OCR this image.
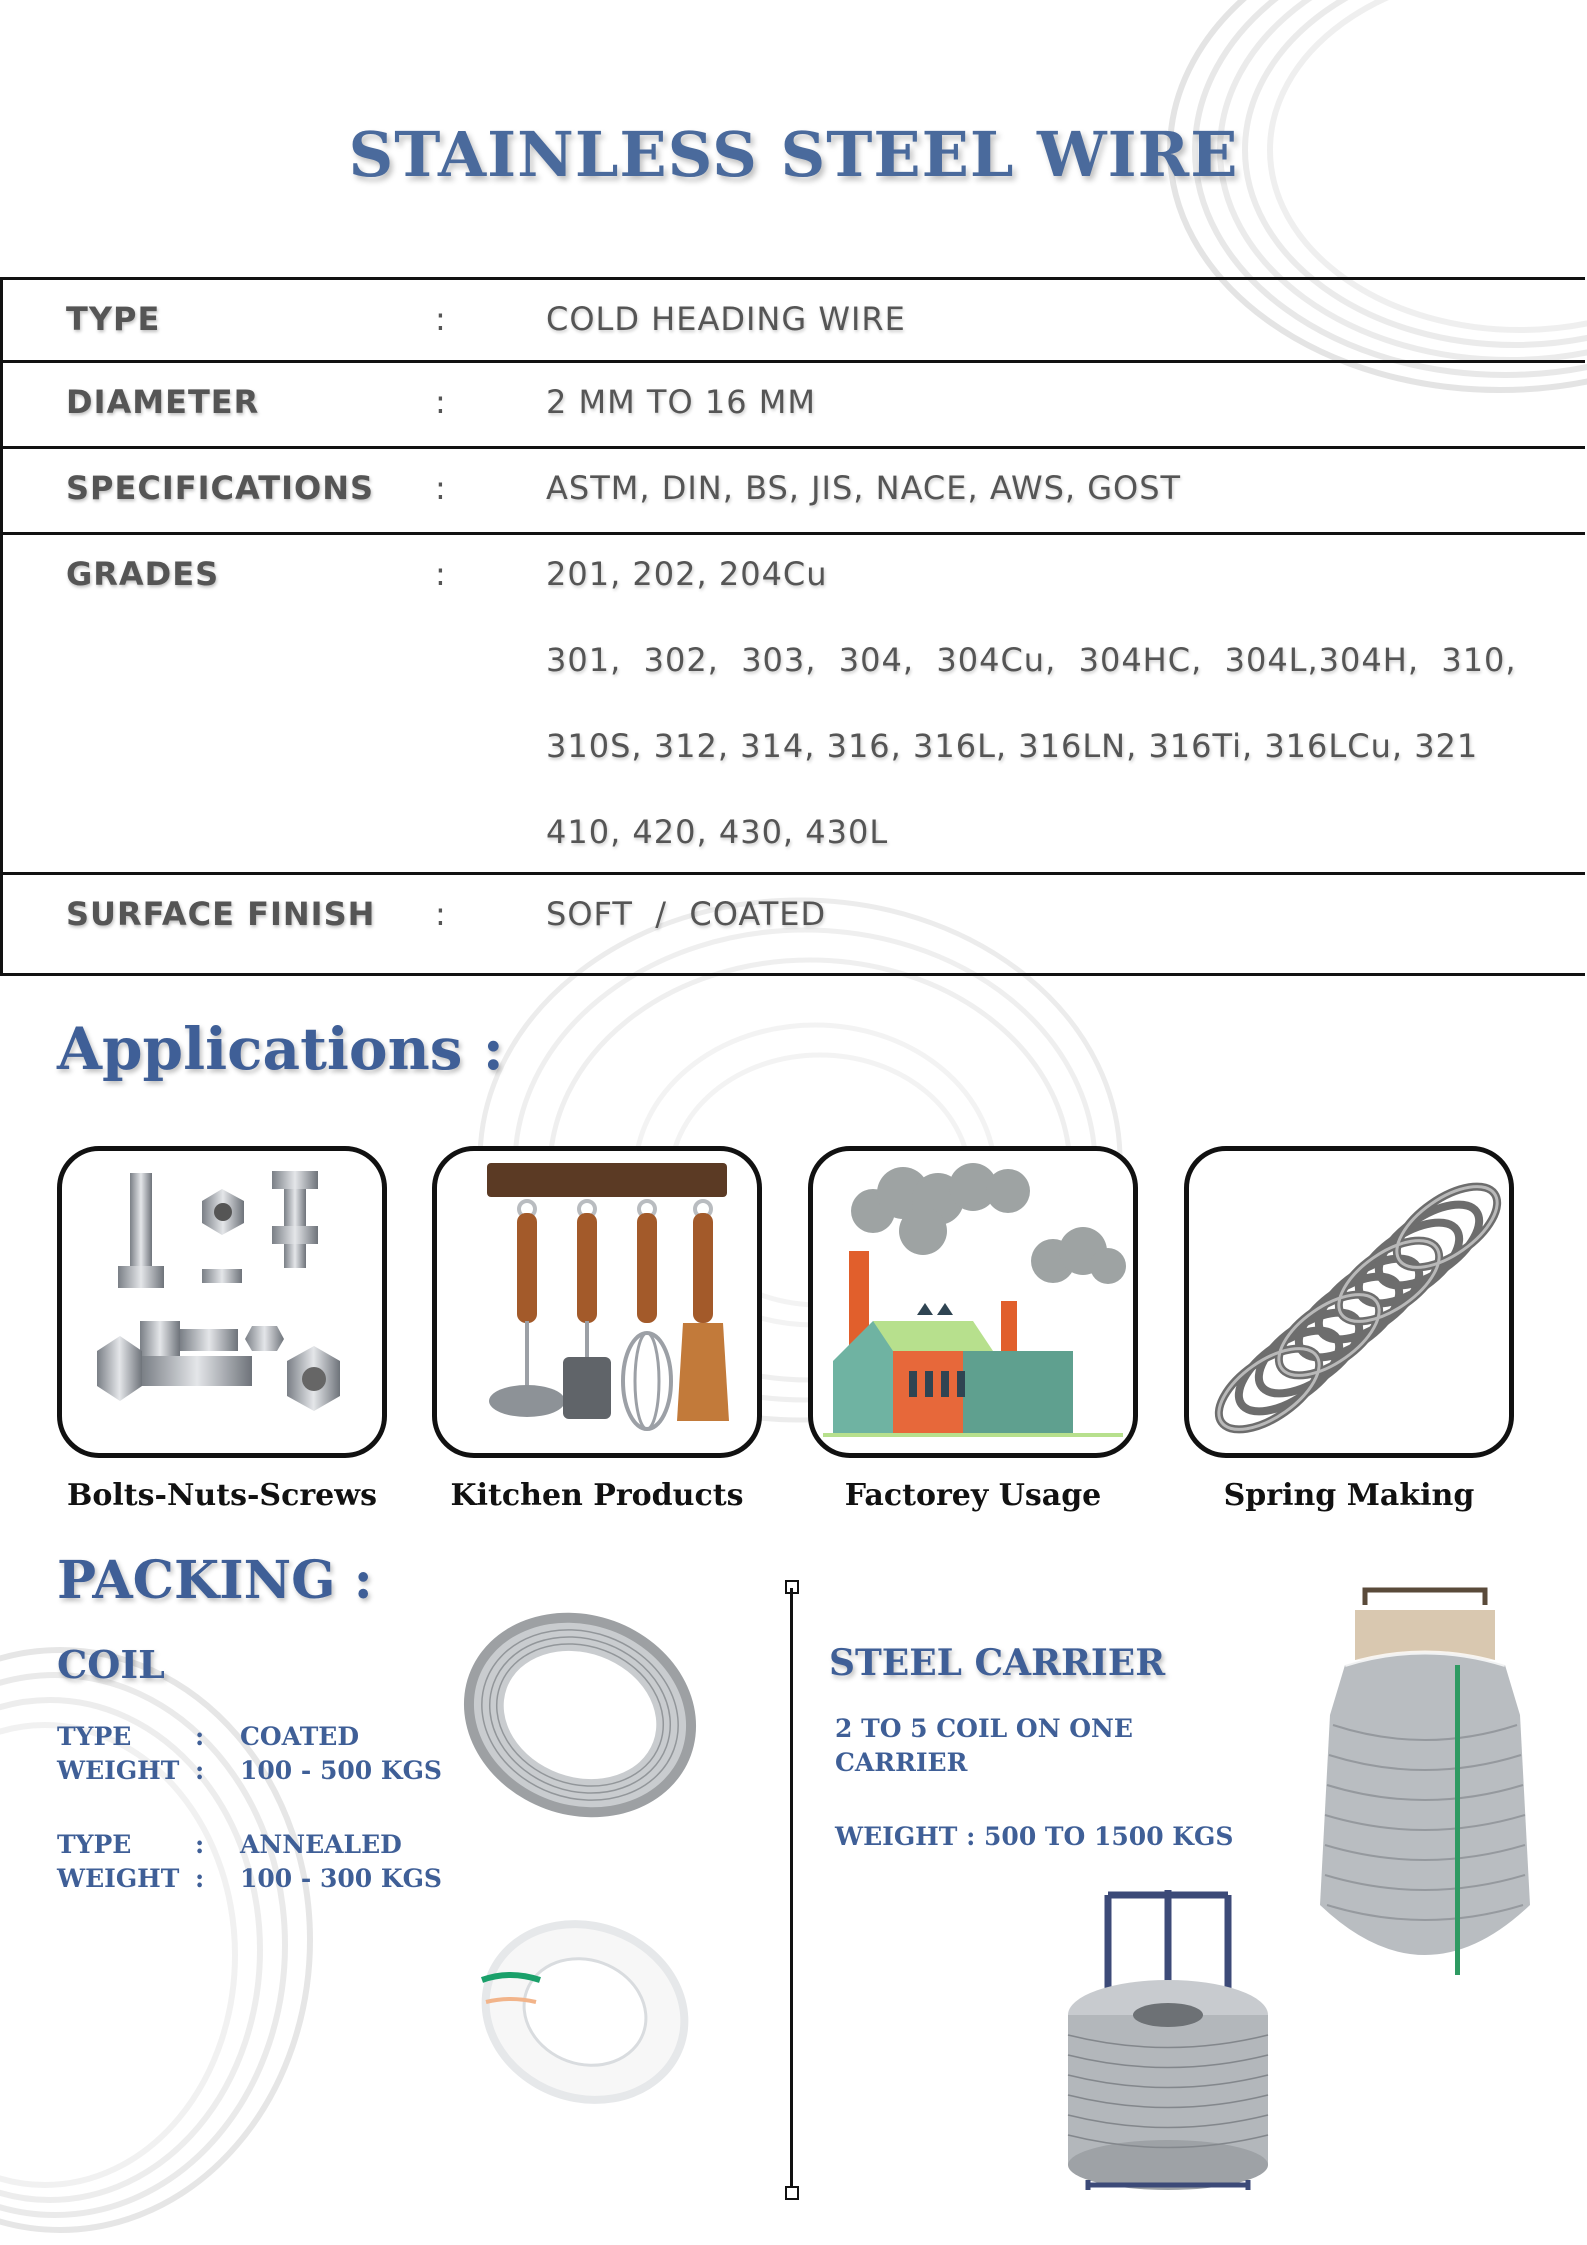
STAINLESS STEEL WIRE
TYPE	:	COLD HEADING WIRE
DIAMETER	:	2 MM TO 16 MM
SPECIFICATIONS :	ASTM, DIN, BS, JIS, NACE, AWS, GOST
GRADES	:	201, 202, 204Cu
301,  302,  303,  304,  304Cu,  304HC,  304L,304H,  310,
310S, 312, 314, 316, 316L, 316LN, 316Ti, 316LCu, 321
410, 420, 430, 430L
SURFACE FINISH :	SOFT  /  COATED
Applications :
Bolts-Nuts-Screws	Kitchen Products	Factorey Usage	Spring Making
PACKING :
COIL
TYPE	: COATED
WEIGHT : 100 - 500 KGS
TYPE	: ANNEALED
WEIGHT : 100 - 300 KGS
STEEL CARRIER
2 TO 5 COIL ON ONE
CARRIER
WEIGHT : 500 TO 1500 KGS
